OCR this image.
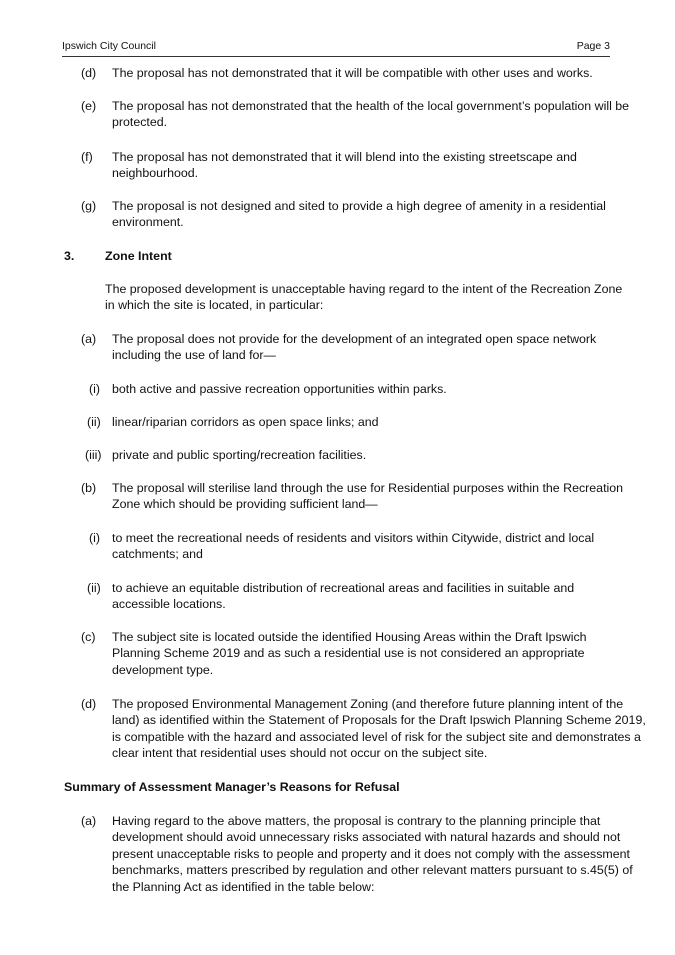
Ipswich City Council	Page 3
(d) The proposal has not demonstrated that it will be compatible with other uses and works.
(e) The proposal has not demonstrated that the health of the local government’s population will be protected.
(f) The proposal has not demonstrated that it will blend into the existing streetscape and neighbourhood.
(g) The proposal is not designed and sited to provide a high degree of amenity in a residential environment.
3. Zone Intent
The proposed development is unacceptable having regard to the intent of the Recreation Zone in which the site is located, in particular:
(a) The proposal does not provide for the development of an integrated open space network including the use of land for—
(i) both active and passive recreation opportunities within parks.
(ii) linear/riparian corridors as open space links; and
(iii) private and public sporting/recreation facilities.
(b) The proposal will sterilise land through the use for Residential purposes within the Recreation Zone which should be providing sufficient land—
(i) to meet the recreational needs of residents and visitors within Citywide, district and local catchments; and
(ii) to achieve an equitable distribution of recreational areas and facilities in suitable and accessible locations.
(c) The subject site is located outside the identified Housing Areas within the Draft Ipswich Planning Scheme 2019 and as such a residential use is not considered an appropriate development type.
(d) The proposed Environmental Management Zoning (and therefore future planning intent of the land) as identified within the Statement of Proposals for the Draft Ipswich Planning Scheme 2019, is compatible with the hazard and associated level of risk for the subject site and demonstrates a clear intent that residential uses should not occur on the subject site.
Summary of Assessment Manager’s Reasons for Refusal
(a) Having regard to the above matters, the proposal is contrary to the planning principle that development should avoid unnecessary risks associated with natural hazards and should not present unacceptable risks to people and property and it does not comply with the assessment benchmarks, matters prescribed by regulation and other relevant matters pursuant to s.45(5) of the Planning Act as identified in the table below:
